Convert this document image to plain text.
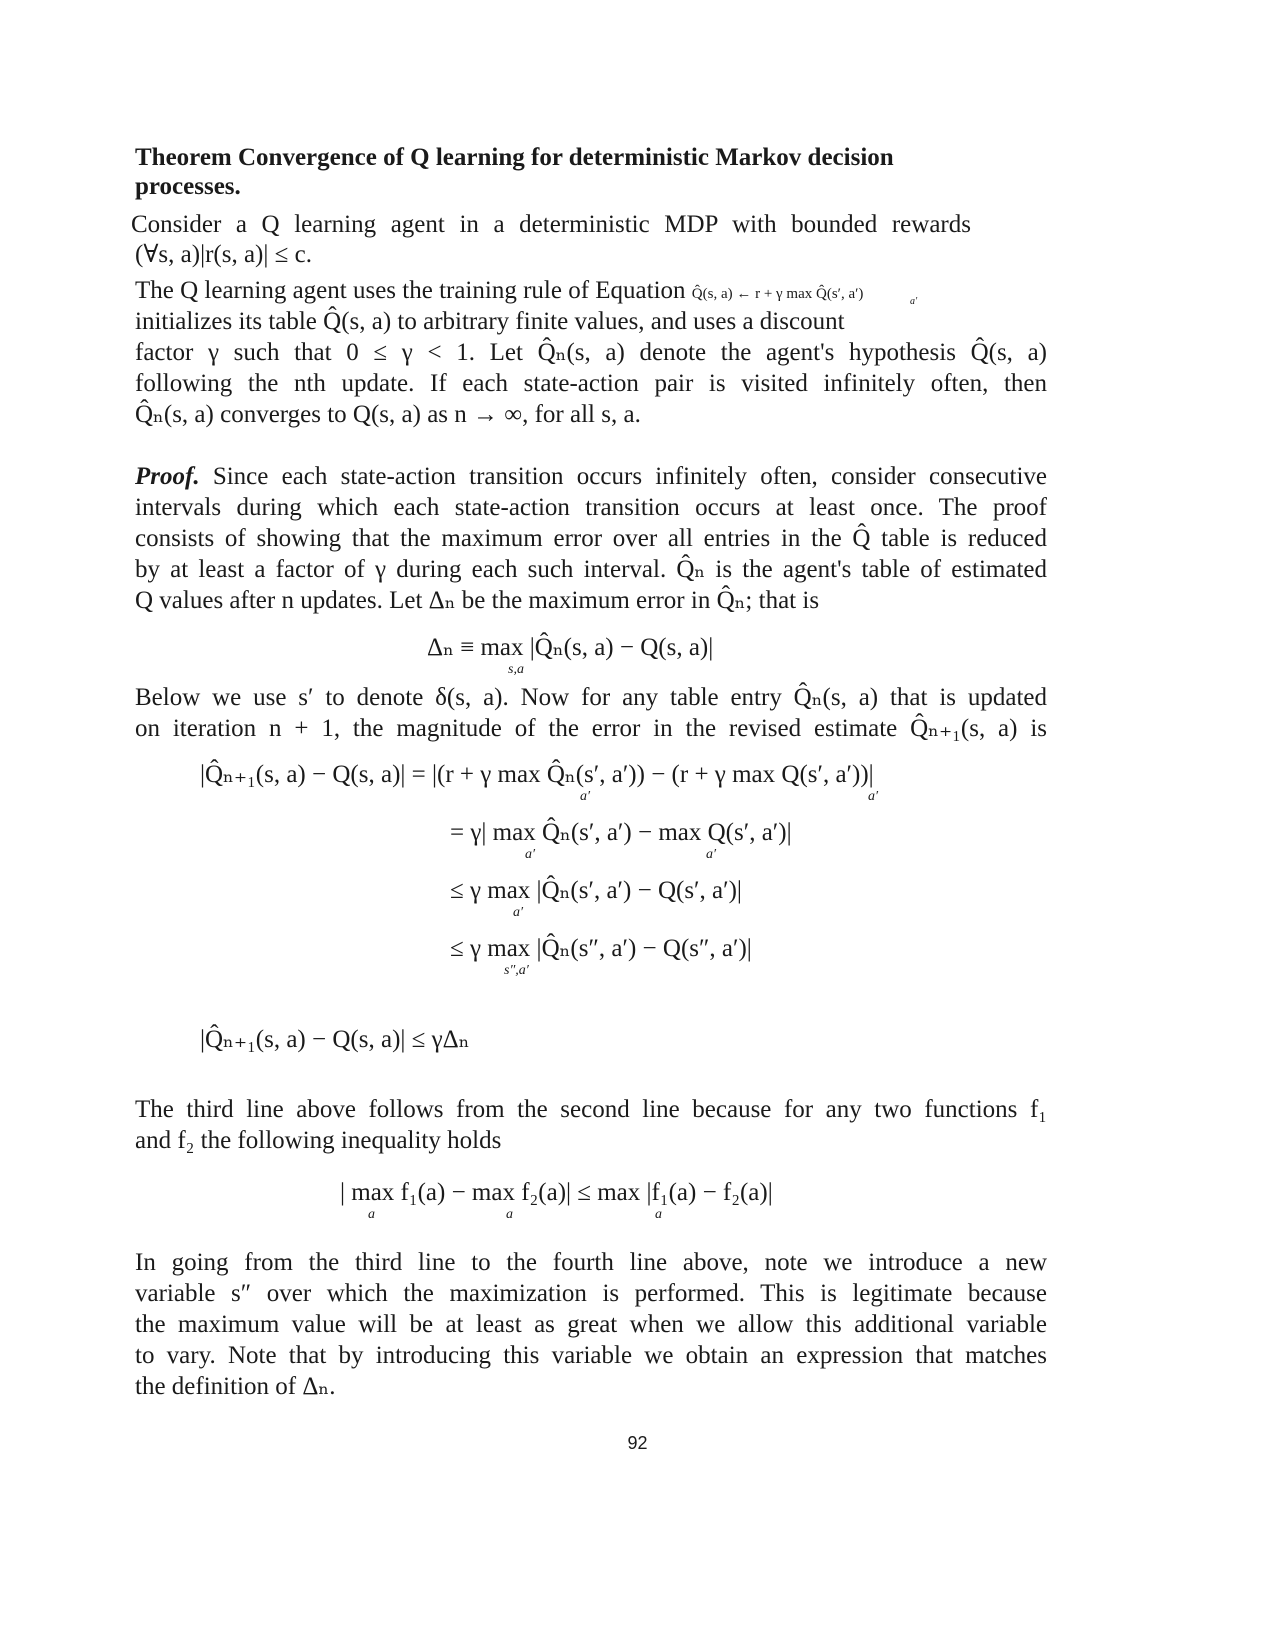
Theorem Convergence of Q learning for deterministic Markov decision
processes.
Consider a Q learning agent in a deterministic MDP with bounded rewards
(∀s, a)|r(s, a)| ≤ c.
The Q learning agent uses the training rule of Equation Q̂(s, a) ← r + γ max Q̂(s′, a′)	a′
initializes its table Q̂(s, a) to arbitrary finite values, and uses a discount
factor γ such that 0 ≤ γ < 1. Let Q̂ₙ(s, a) denote the agent's hypothesis Q̂(s, a)
following the nth update. If each state-action pair is visited infinitely often, then
Q̂ₙ(s, a) converges to Q(s, a) as n → ∞, for all s, a.
Proof. Since each state-action transition occurs infinitely often, consider consecutive
intervals during which each state-action transition occurs at least once. The proof
consists of showing that the maximum error over all entries in the Q̂ table is reduced
by at least a factor of γ during each such interval. Q̂ₙ is the agent's table of estimated
Q values after n updates. Let Δₙ be the maximum error in Q̂ₙ; that is
Δₙ ≡ max |Q̂ₙ(s, a) − Q(s, a)|
s,a
Below we use s′ to denote δ(s, a). Now for any table entry Q̂ₙ(s, a) that is updated
on iteration n + 1, the magnitude of the error in the revised estimate Q̂ₙ₊₁(s, a) is
|Q̂ₙ₊₁(s, a) − Q(s, a)| = |(r + γ max Q̂ₙ(s′, a′)) − (r + γ max Q(s′, a′))|
a′	a′
= γ| max Q̂ₙ(s′, a′) − max Q(s′, a′)|
a′	a′
≤ γ max |Q̂ₙ(s′, a′) − Q(s′, a′)|
a′
≤ γ max |Q̂ₙ(s″, a′) − Q(s″, a′)|
s″,a′
|Q̂ₙ₊₁(s, a) − Q(s, a)| ≤ γΔₙ
The third line above follows from the second line because for any two functions f₁
and f₂ the following inequality holds
| max f₁(a) − max f₂(a)| ≤ max |f₁(a) − f₂(a)|
a	a	a
In going from the third line to the fourth line above, note we introduce a new
variable s″ over which the maximization is performed. This is legitimate because
the maximum value will be at least as great when we allow this additional variable
to vary. Note that by introducing this variable we obtain an expression that matches
the definition of Δₙ.
92
